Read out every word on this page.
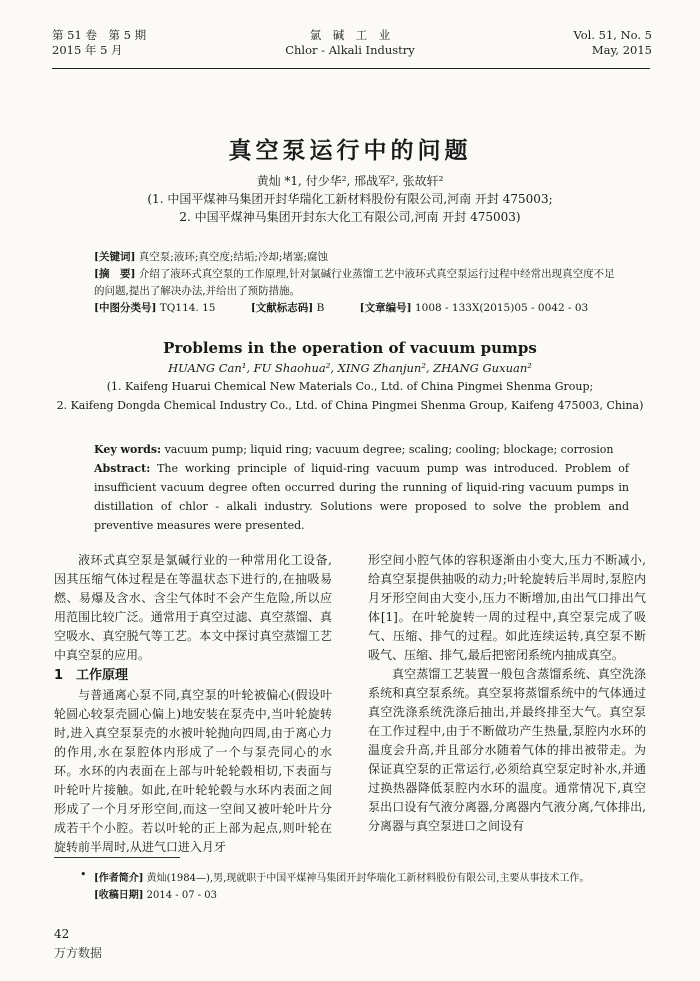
第 51 卷　第 5 期
2015 年 5 月
氯　碱　工　业
Chlor - Alkali Industry
Vol. 51, No. 5
May, 2015
真空泵运行中的问题
黄灿 *1, 付少华², 邢战军², 张故轩²
(1. 中国平煤神马集团开封华瑞化工新材料股份有限公司,河南 开封 475003;
2. 中国平煤神马集团开封东大化工有限公司,河南 开封 475003)
[关键词] 真空泵;液环;真空度;结垢;冷却;堵塞;腐蚀
[摘　要] 介绍了液环式真空泵的工作原理,针对氯碱行业蒸馏工艺中液环式真空泵运行过程中经常出现真空度不足的问题,提出了解决办法,并给出了预防措施。
[中图分类号] TQ114. 15	[文献标志码] B	[文章编号] 1008 - 133X(2015)05 - 0042 - 03
Problems in the operation of vacuum pumps
HUANG Can¹, FU Shaohua², XING Zhanjun², ZHANG Guxuan²
(1. Kaifeng Huarui Chemical New Materials Co., Ltd. of China Pingmei Shenma Group;
2. Kaifeng Dongda Chemical Industry Co., Ltd. of China Pingmei Shenma Group, Kaifeng 475003, China)
Key words: vacuum pump; liquid ring; vacuum degree; scaling; cooling; blockage; corrosion
Abstract: The working principle of liquid-ring vacuum pump was introduced. Problem of insufficient vacuum degree often occurred during the running of liquid-ring vacuum pumps in distillation of chlor - alkali industry. Solutions were proposed to solve the problem and preventive measures were presented.

液环式真空泵是氯碱行业的一种常用化工设备,因其压缩气体过程是在等温状态下进行的,在抽吸易燃、易爆及含水、含尘气体时不会产生危险,所以应用范围比较广泛。通常用于真空过滤、真空蒸馏、真空吸水、真空脱气等工艺。本文中探讨真空蒸馏工艺中真空泵的应用。

1　工作原理

与普通离心泵不同,真空泵的叶轮被偏心(假设叶轮圆心较泵壳圆心偏上)地安装在泵壳中,当叶轮旋转时,进入真空泵泵壳的水被叶轮抛向四周,由于离心力的作用,水在泵腔体内形成了一个与泵壳同心的水环。水环的内表面在上部与叶轮轮毂相切,下表面与叶轮叶片接触。如此,在叶轮轮毂与水环内表面之间形成了一个月牙形空间,而这一空间又被叶轮叶片分成若干个小腔。若以叶轮的正上部为起点,则叶轮在旋转前半周时,从进气口进入月牙

形空间小腔气体的容积逐渐由小变大,压力不断减小,给真空泵提供抽吸的动力;叶轮旋转后半周时,泵腔内月牙形空间由大变小,压力不断增加,由出气口排出气体[1]。在叶轮旋转一周的过程中,真空泵完成了吸气、压缩、排气的过程。如此连续运转,真空泵不断吸气、压缩、排气,最后把密闭系统内抽成真空。

真空蒸馏工艺装置一般包含蒸馏系统、真空洗涤系统和真空泵系统。真空泵将蒸馏系统中的气体通过真空洗涤系统洗涤后抽出,并最终排至大气。真空泵在工作过程中,由于不断做功产生热量,泵腔内水环的温度会升高,并且部分水随着气体的排出被带走。为保证真空泵的正常运行,必须给真空泵定时补水,并通过换热器降低泵腔内水环的温度。通常情况下,真空泵出口设有气液分离器,分离器内气液分离,气体排出,分离器与真空泵进口之间设有

• [作者简介] 黄灿(1984—),男,现就职于中国平煤神马集团开封华瑞化工新材料股份有限公司,主要从事技术工作。
[收稿日期] 2014 - 07 - 03
42
万方数据
